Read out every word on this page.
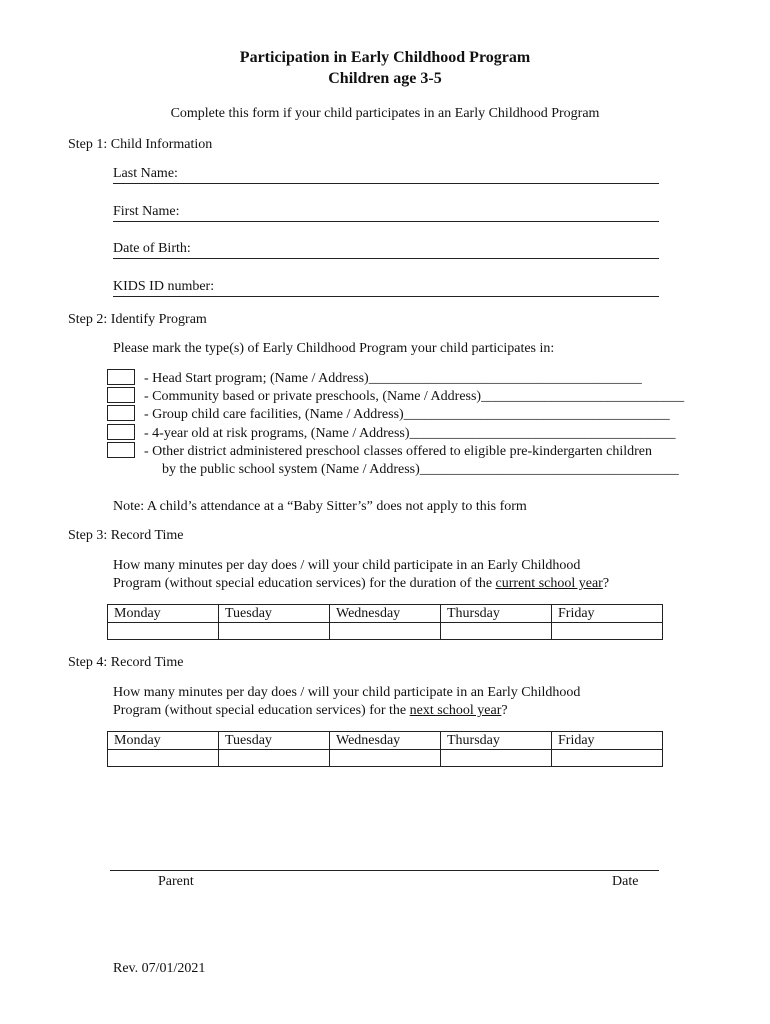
Participation in Early Childhood Program
Children age 3-5
Complete this form if your child participates in an Early Childhood Program
Step 1: Child Information
Last Name:
First Name:
Date of Birth:
KIDS ID number:
Step 2: Identify Program
Please mark the type(s) of Early Childhood Program your child participates in:
- Head Start program; (Name / Address)_______________________________________
- Community based or private preschools, (Name / Address)_____________________________
- Group child care facilities, (Name / Address)______________________________________
- 4-year old at risk programs, (Name / Address)______________________________________
- Other district administered preschool classes offered to eligible pre-kindergarten children
by the public school system (Name / Address)_____________________________________
Note: A child’s attendance at a “Baby Sitter’s” does not apply to this form
Step 3: Record Time
How many minutes per day does / will your child participate in an Early Childhood
Program (without special education services) for the duration of the current school year?
Monday	Tuesday	Wednesday	Thursday	Friday

Step 4: Record Time
How many minutes per day does / will your child participate in an Early Childhood
Program (without special education services) for the next school year?
Monday	Tuesday	Wednesday	Thursday	Friday

Parent	Date
Rev. 07/01/2021
